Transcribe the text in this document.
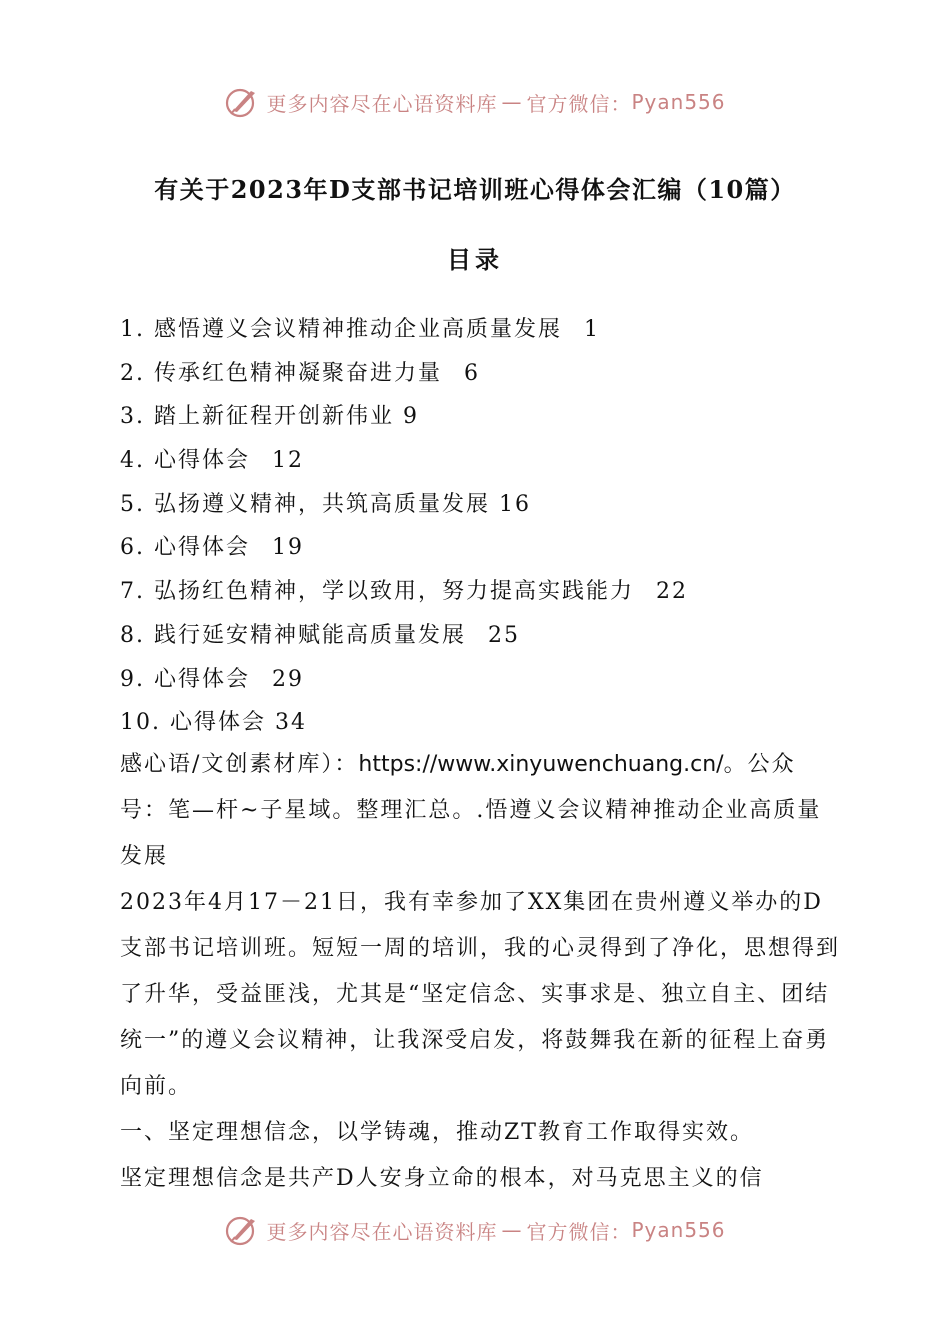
更多内容尽在心语资料库 — 官方微信： Pyan556
有关于2023年D支部书记培训班心得体会汇编（10篇）
目录
1. 感悟遵义会议精神推动企业高质量发展 1
2. 传承红色精神凝聚奋进力量 6
3. 踏上新征程开创新伟业 9
4. 心得体会 12
5. 弘扬遵义精神，共筑高质量发展 16
6. 心得体会 19
7. 弘扬红色精神，学以致用，努力提高实践能力 22
8. 践行延安精神赋能高质量发展 25
9. 心得体会 29
10. 心得体会 34

感心语/文创素材库）：https://www.xinyuwenchuang.cn/。公众号：笔—杆~子星域。整理汇总。.悟遵义会议精神推动企业高质量发展

2023年4月17－21日，我有幸参加了XX集团在贵州遵义举办的D支部书记培训班。短短一周的培训，我的心灵得到了净化，思想得到了升华，受益匪浅，尤其是“坚定信念、实事求是、独立自主、团结统一”的遵义会议精神，让我深受启发，将鼓舞我在新的征程上奋勇向前。

一、坚定理想信念，以学铸魂，推动ZT教育工作取得实效。

坚定理想信念是共产D人安身立命的根本，对马克思主义的信

更多内容尽在心语资料库 — 官方微信： Pyan556
